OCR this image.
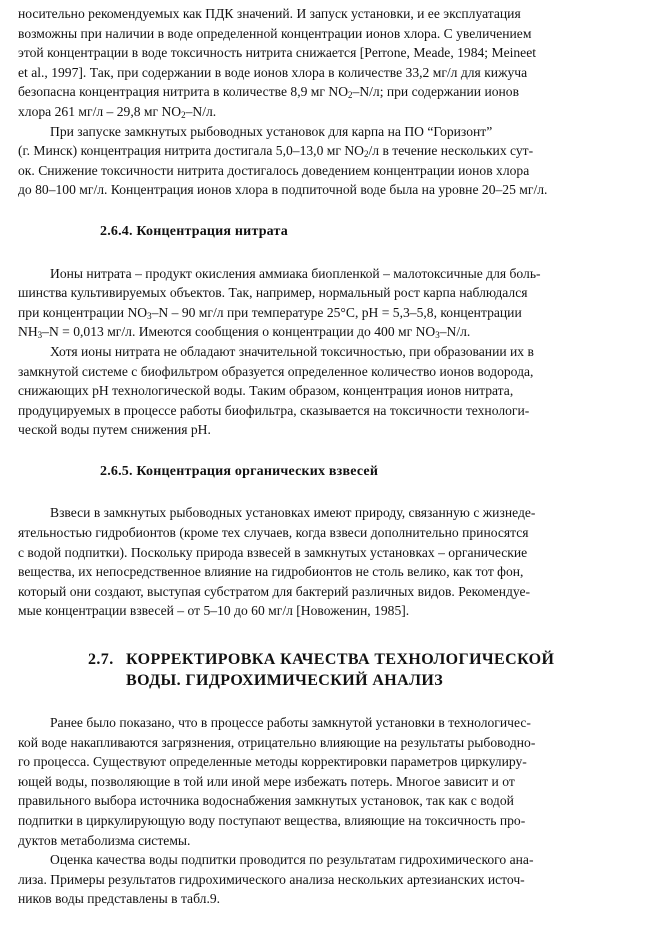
носительно рекомендуемых как ПДК значений. И запуск установки, и ее эксплуатация

возможны при наличии в воде определенной концентрации ионов хлора. С увеличением

этой концентрации в воде токсичность нитрита снижается [Perrone, Meade, 1984; Meineet

et al., 1997]. Так, при содержании в воде ионов хлора в количестве 33,2 мг/л для кижуча

безопасна концентрация нитрита в количестве 8,9 мг $NO_2-N/л$; при содержании ионов

хлора 261 мг/л – 29,8 мг $NO_2-N/л$.

При запуске замкнутых рыбоводных установок для карпа на ПО “Горизонт”

(г. Минск) концентрация нитрита достигала 5,0–13,0 мг $NO_2/л$ в течение нескольких сут-

ок. Снижение токсичности нитрита достигалось доведением концентрации ионов хлора

до 80–100 мг/л. Концентрация ионов хлора в подпиточной воде была на уровне 20–25 мг/л.

2.6.4. Концентрация нитрата

Ионы нитрата – продукт окисления аммиака биопленкой – малотоксичные для боль-

шинства культивируемых объектов. Так, например, нормальный рост карпа наблюдался

при концентрации $NO_3-N - 90$ мг/л при температуре 25°С, pH = 5,3–5,8, концентрации

$NH_3-N = 0,013$ мг/л. Имеются сообщения о концентрации до 400 мг $NO_3-N/л$.

Хотя ионы нитрата не обладают значительной токсичностью, при образовании их в

замкнутой системе с биофильтром образуется определенное количество ионов водорода,

снижающих pH технологической воды. Таким образом, концентрация ионов нитрата,

продуцируемых в процессе работы биофильтра, сказывается на токсичности технологи-

ческой воды путем снижения pH.

2.6.5. Концентрация органических взвесей

Взвеси в замкнутых рыбоводных установках имеют природу, связанную с жизнеде-

ятельностью гидробионтов (кроме тех случаев, когда взвеси дополнительно приносятся

с водой подпитки). Поскольку природа взвесей в замкнутых установках – органические

вещества, их непосредственное влияние на гидробионтов не столь велико, как тот фон,

который они создают, выступая субстратом для бактерий различных видов. Рекомендуе-

мые концентрации взвесей – от 5–10 до 60 мг/л [Новоженин, 1985].

2.7. КОРРЕКТИРОВКА КАЧЕСТВА ТЕХНОЛОГИЧЕСКОЙ

ВОДЫ. ГИДРОХИМИЧЕСКИЙ АНАЛИЗ

Ранее было показано, что в процессе работы замкнутой установки в технологичес-

кой воде накапливаются загрязнения, отрицательно влияющие на результаты рыбоводно-

го процесса. Существуют определенные методы корректировки параметров циркулиру-

ющей воды, позволяющие в той или иной мере избежать потерь. Многое зависит и от

правильного выбора источника водоснабжения замкнутых установок, так как с водой

подпитки в циркулирующую воду поступают вещества, влияющие на токсичность про-

дуктов метаболизма системы.

Оценка качества воды подпитки проводится по результатам гидрохимического ана-

лиза. Примеры результатов гидрохимического анализа нескольких артезианских источ-

ников воды представлены в табл.9.
